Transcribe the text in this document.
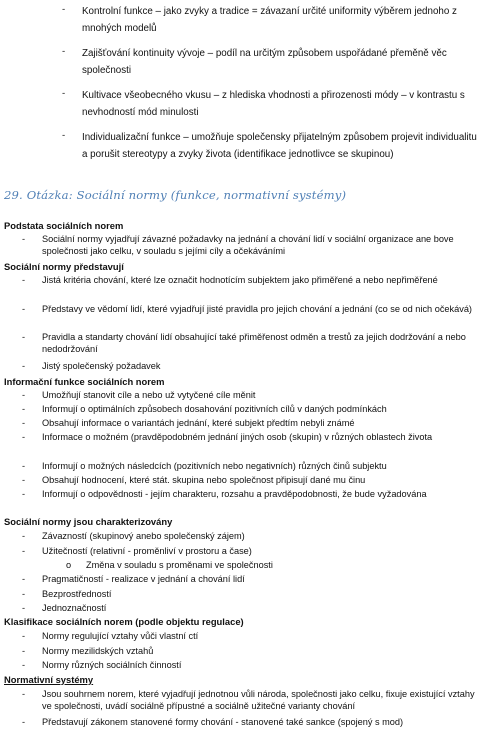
-	Kontrolní funkce – jako zvyky a tradice = závazaní určité uniformity výběrem jednoho z mnohých modelů
-	Zajišťování kontinuity vývoje – podíl na určitým způsobem uspořádané přeměně věc společnosti
-	Kultivace všeobecného vkusu – z hlediska vhodnosti a přirozenosti módy – v kontrastu s nevhodností mód minulosti
-	Individualizační funkce – umožňuje společensky přijatelným způsobem projevit individualitu a porušit stereotypy a zvyky života (identifikace jednotlivce se skupinou)
29. Otázka: Sociální normy (funkce, normativní systémy)
Podstata sociálních norem
- Sociální normy vyjadřují závazné požadavky na jednání a chování lidí v sociální organizace ane bove společnosti jako celku, v souladu s jejími cíly a očekáváními
Sociální normy představují
- Jistá kritéria chování, které lze označit hodnotícím subjektem jako přiměřené a nebo nepřiměřené
- Představy ve vědomí lidí, které vyjadřují jisté pravidla pro jejich chování a jednání (co se od nich očekává)
- Pravidla a standarty chování lidí obsahující také přiměřenost odměn a trestů za jejich dodržování a nebo nedodržování
- Jistý společenský požadavek
Informační funkce sociálních norem
- Umožňují stanovit cíle a nebo už vytyčené cíle měnit
- Informují o optimálních způsobech dosahování pozitivních cílů v daných podmínkách
- Obsahují informace o variantách jednání, které subjekt předtím nebyli známé
- Informace o možném (pravděpodobném jednání jiných osob (skupin) v různých oblastech života
- Informují o možných následcích (pozitivních nebo negativních) různých činů subjektu
- Obsahují hodnocení, které stát. skupina nebo společnost připisují dané mu činu
- Informují o odpovědnosti - jejím charakteru, rozsahu a pravděpodobnosti, že bude vyžadována
Sociální normy jsou charakterizovány
- Závazností (skupinový anebo společenský zájem)
- Užitečností (relativní - proměnliví v prostoru a čase)
o Změna v souladu s proměnami ve společnosti
- Pragmatičností - realizace v jednání a chování lidí
- Bezprostředností
- Jednoznačností
Klasifikace sociálních norem (podle objektu regulace)
- Normy regulující vztahy vůči vlastní ctí
- Normy mezilidských vztahů
- Normy různých sociálních činností
Normativní systémy
- Jsou souhrnem norem, které vyjadřují jednotnou vůli národa, společnosti jako celku, fixuje existující vztahy ve společnosti, uvádí sociálně přípustné a sociálně užitečné varianty chování
- Představují zákonem stanovené formy chování - stanovené také sankce (spojený s mod)
